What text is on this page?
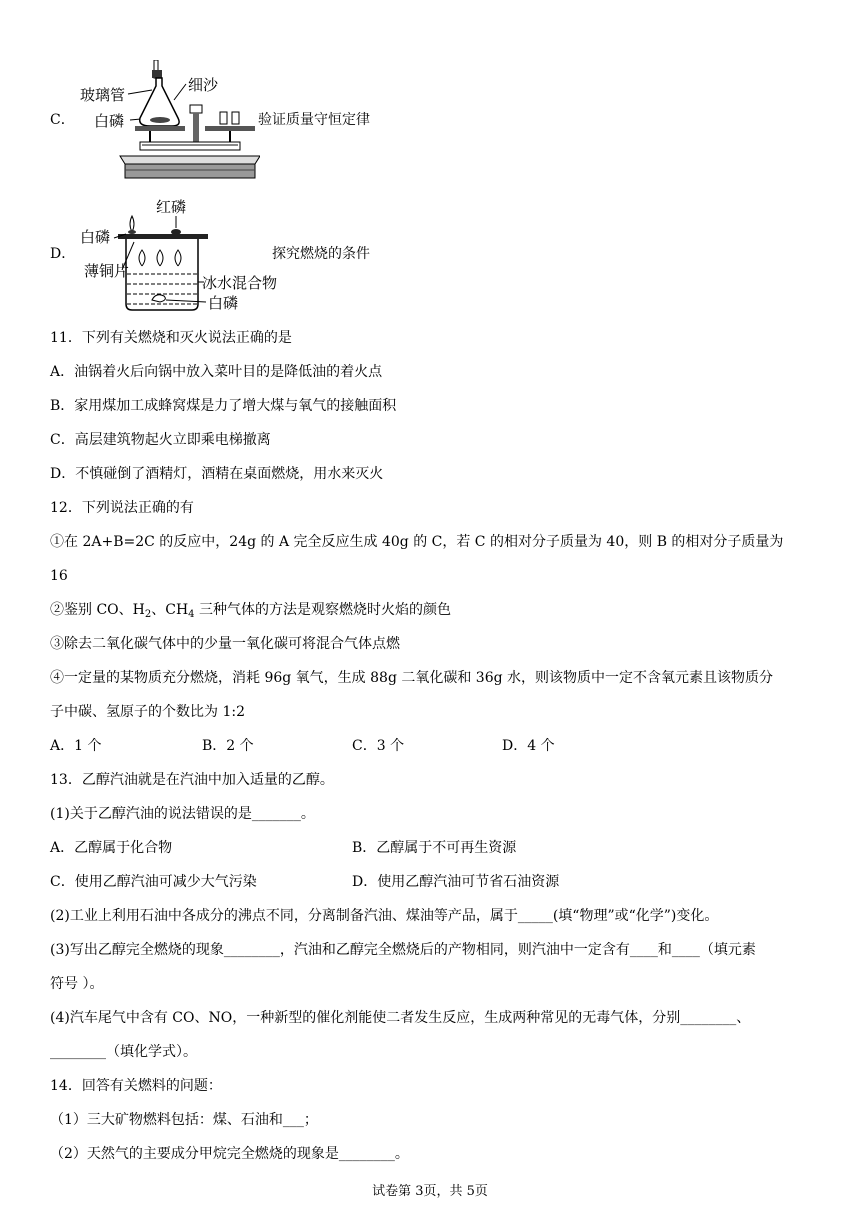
C．
玻璃管
细沙
白磷	验证质量守恒定律
D．
红磷
白磷
薄铜片
冰水混合物
白磷
探究燃烧的条件
11．下列有关燃烧和灭火说法正确的是
A．油锅着火后向锅中放入菜叶目的是降低油的着火点
B．家用煤加工成蜂窝煤是力了增大煤与氧气的接触面积
C．高层建筑物起火立即乘电梯撤离
D．不慎碰倒了酒精灯，酒精在桌面燃烧，用水来灭火
12．下列说法正确的有
①在 2A+B=2C 的反应中，24g 的 A 完全反应生成 40g 的 C，若 C 的相对分子质量为 40，则 B 的相对分子质量为
16
②鉴别 CO、$H_2$、$CH_4$ 三种气体的方法是观察燃烧时火焰的颜色
③除去二氧化碳气体中的少量一氧化碳可将混合气体点燃
④一定量的某物质充分燃烧，消耗 96g 氧气，生成 88g 二氧化碳和 36g 水，则该物质中一定不含氧元素且该物质分
子中碳、氢原子的个数比为 1:2
A．1 个	B．2 个	C．3 个	D．4 个
13．乙醇汽油就是在汽油中加入适量的乙醇。
(1)关于乙醇汽油的说法错误的是_______。
A．乙醇属于化合物	B．乙醇属于不可再生资源
C．使用乙醇汽油可减少大气污染	D．使用乙醇汽油可节省石油资源
(2)工业上利用石油中各成分的沸点不同，分离制备汽油、煤油等产品，属于_____(填“物理”或“化学”)变化。
(3)写出乙醇完全燃烧的现象________，汽油和乙醇完全燃烧后的产物相同，则汽油中一定含有____和____（填元素
符号 ）。
(4)汽车尾气中含有 CO、NO，一种新型的催化剂能使二者发生反应，生成两种常见的无毒气体，分别________、
________（填化学式）。
14．回答有关燃料的问题：
（1）三大矿物燃料包括：煤、石油和___；
（2）天然气的主要成分甲烷完全燃烧的现象是________。
试卷第 3页，共 5页
